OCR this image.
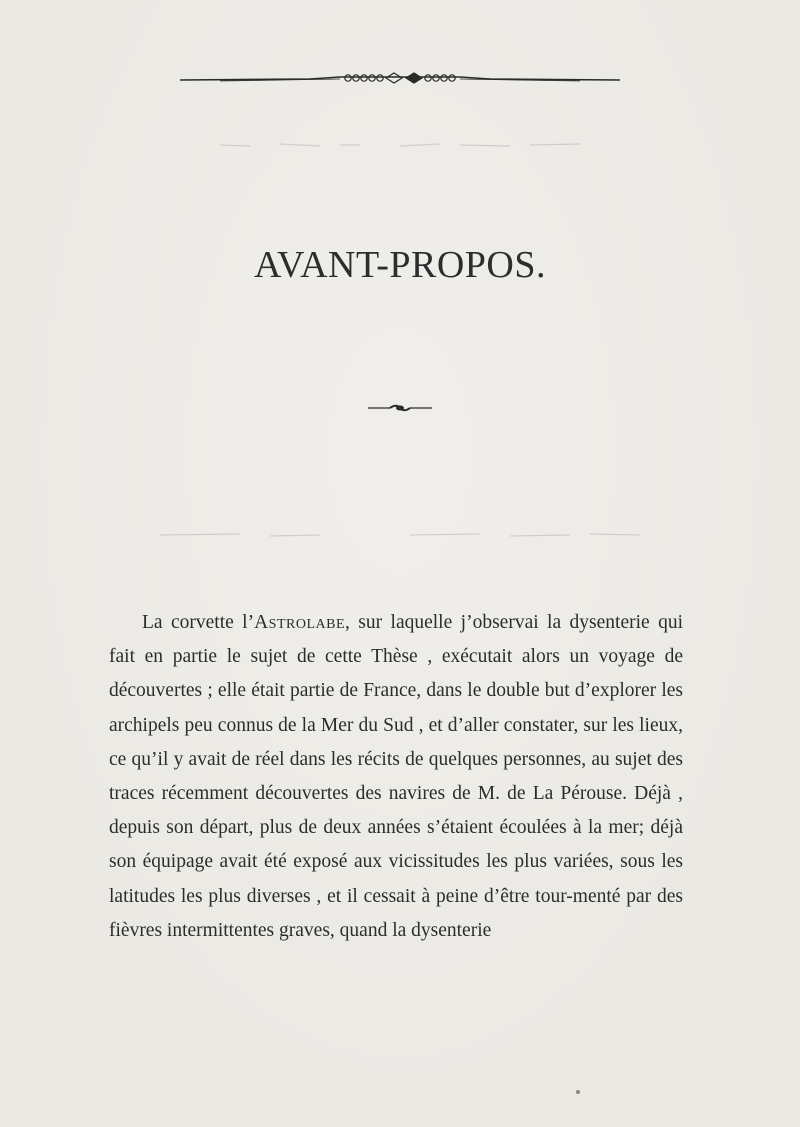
AVANT-PROPOS.

La corvette l’Astrolabe, sur laquelle j’observai la dysenterie qui fait en partie le sujet de cette Thèse , exécutait alors un voyage de découvertes ; elle était partie de France, dans le double but d’explorer les archipels peu connus de la Mer du Sud , et d’aller constater, sur les lieux, ce qu’il y avait de réel dans les récits de quelques personnes, au sujet des traces récemment découvertes des navires de M. de La Pérouse. Déjà , depuis son départ, plus de deux années s’étaient écoulées à la mer; déjà son équipage avait été exposé aux vicissitudes les plus variées, sous les latitudes les plus diverses , et il cessait à peine d’être tour-menté par des fièvres intermittentes graves, quand la dysenterie
